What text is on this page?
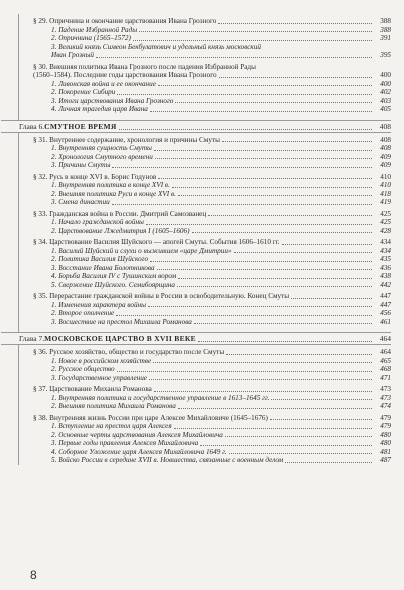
§ 29. Опричнина и окончание царствования Ивана Грозного	388
1. Падение Избранной Рады	388
2. Опричнина (1565–1572)	391
3. Великий князь Симеон Бекбулатович и удельный князь московский
Иван Грозный	395
§ 30. Внешняя политика Ивана Грозного после падения Избранной Рады
(1560–1584). Последние годы царствования Ивана Грозного	400
1. Ливонская война и ее окончание	400
2. Покорение Сибири	402
3. Итоги царствования Ивана Грозного	403
4. Личная трагедия царя Ивана	405
Глава 6. СМУТНОЕ ВРЕМЯ	408
§ 31. Внутреннее содержание, хронология и причины Смуты	408
1. Внутренняя сущность Смуты	408
2. Хронология Смутного времени	409
3. Причины Смуты	409
§ 32. Русь в конце XVI в. Борис Годунов	410
1. Внутренняя политика в конце XVI в.	410
2. Внешняя политика Руси в конце XVI в.	418
3. Смена династии	419
§ 33. Гражданская война в России. Дмитрий Самозванец	425
1. Начало гражданской войны	425
2. Царствование Лжедмитрия I (1605–1606)	428
§ 34. Царствование Василия Шуйского — апогей Смуты. События 1606–1610 гг.	434
1. Василий Шуйский и слухи о выжившем «царе Дмитрии»	434
2. Политика Василия Шуйского	435
3. Восстание Ивана Болотникова	436
4. Борьба Василия IV с Тушинским вором	438
5. Свержение Шуйского. Семибоярщина	442
§ 35. Перерастание гражданской войны в России в освободительную. Конец Смуты	447
1. Изменения характера войны	447
2. Второе ополчение	456
3. Восшествие на престол Михаила Романова	461
Глава 7. МОСКОВСКОЕ ЦАРСТВО В XVII ВЕКЕ	464
§ 36. Русское хозяйство, общество и государство после Смуты	464
1. Новое в российском хозяйстве	465
2. Русское общество	468
3. Государственное управление	471
§ 37. Царствование Михаила Романова	473
1. Внутренняя политика и государственное управление в 1613–1645 гг.	473
2. Внешняя политика Михаила Романова	474
§ 38. Внутренняя жизнь России при царе Алексее Михайловиче (1645–1676)	479
1. Вступление на престол царя Алексея	479
2. Основные черты царствования Алексея Михайловича	480
3. Первые годы правления Алексея Михайловича	480
4. Соборное Уложение царя Алексея Михайловича 1649 г.	481
5. Войско России в середине XVII в. Новшества, связанные с военным делом	487
8
